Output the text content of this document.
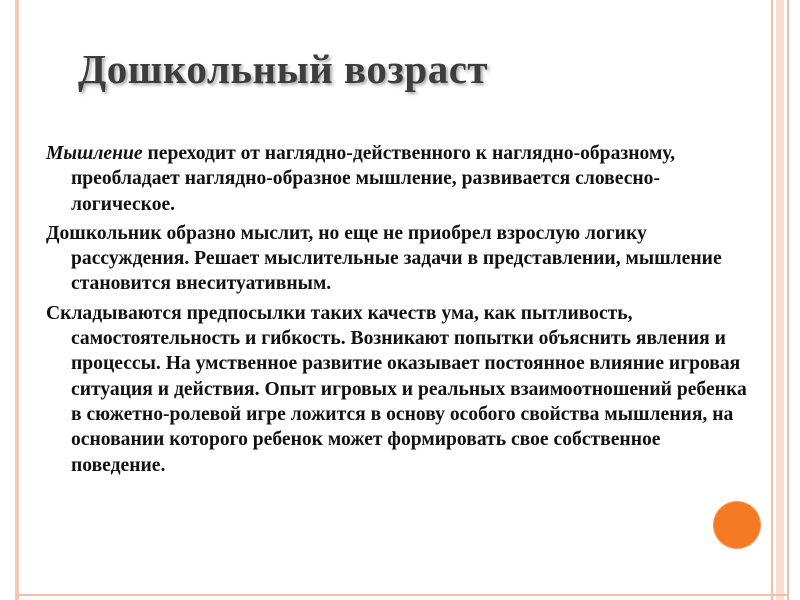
Дошкольный возраст

Мышление переходит от наглядно-действенного к наглядно-образному, преобладает наглядно-образное мышление, развивается словесно-логическое.

Дошкольник образно мыслит, но еще не приобрел взрослую логику рассуждения. Решает мыслительные задачи в представлении, мышление становится внеситуативным.

Складываются предпосылки таких качеств ума, как пытливость, самостоятельность и гибкость. Возникают попытки объяснить явления и процессы. На умственное развитие оказывает постоянное влияние игровая ситуация и действия. Опыт игровых и реальных взаимоотношений ребенка в сюжетно-ролевой игре ложится в основу особого свойства мышления, на основании которого ребенок может формировать свое собственное поведение.
